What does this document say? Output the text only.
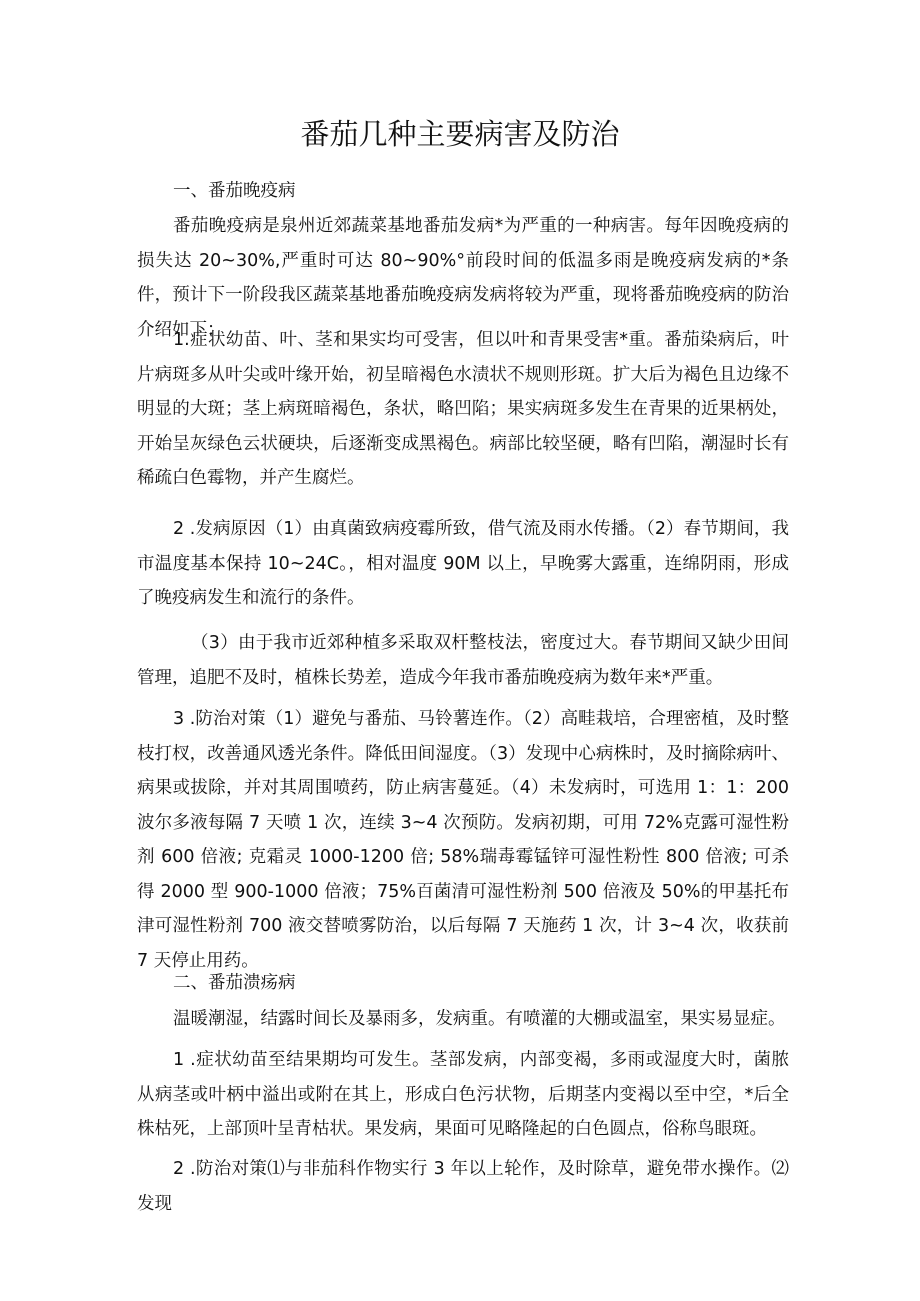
番茄几种主要病害及防治

一、番茄晚疫病

番茄晚疫病是泉州近郊蔬菜基地番茄发病*为严重的一种病害。每年因晚疫病的损失达 20~30%,严重时可达 80~90%°前段时间的低温多雨是晚疫病发病的*条件，预计下一阶段我区蔬菜基地番茄晚疫病发病将较为严重，现将番茄晚疫病的防治介绍如下：

1.症状幼苗、叶、茎和果实均可受害，但以叶和青果受害*重。番茄染病后，叶片病斑多从叶尖或叶缘开始，初呈暗褐色水渍状不规则形斑。扩大后为褐色且边缘不明显的大斑；茎上病斑暗褐色，条状，略凹陷；果实病斑多发生在青果的近果柄处，开始呈灰绿色云状硬块，后逐渐变成黑褐色。病部比较坚硬，略有凹陷，潮湿时长有稀疏白色霉物，并产生腐烂。

2 .发病原因（1）由真菌致病疫霉所致，借气流及雨水传播。（2）春节期间，我市温度基本保持 10~24C。，相对温度 90M 以上，早晚雾大露重，连绵阴雨，形成了晚疫病发生和流行的条件。

（3）由于我市近郊种植多采取双杆整枝法，密度过大。春节期间又缺少田间管理，追肥不及时，植株长势差，造成今年我市番茄晚疫病为数年来*严重。

3 .防治对策（1）避免与番茄、马铃薯连作。（2）高畦栽培，合理密植，及时整枝打杈，改善通风透光条件。降低田间湿度。（3）发现中心病株时，及时摘除病叶、病果或拔除，并对其周围喷药，防止病害蔓延。（4）未发病时，可选用 1：1：200 波尔多液每隔 7 天喷 1 次，连续 3~4 次预防。发病初期，可用 72%克露可湿性粉剂 600 倍液; 克霜灵 1000-1200 倍; 58%瑞毒霉锰锌可湿性粉性 800 倍液; 可杀得 2000 型 900-1000 倍液；75%百菌清可湿性粉剂 500 倍液及 50%的甲基托布津可湿性粉剂 700 液交替喷雾防治，以后每隔 7 天施药 1 次，计 3~4 次，收获前 7 天停止用药。

二、番茄溃疡病

温暖潮湿，结露时间长及暴雨多，发病重。有喷灌的大棚或温室，果实易显症。

1 .症状幼苗至结果期均可发生。茎部发病，内部变褐，多雨或湿度大时，菌脓从病茎或叶柄中溢出或附在其上，形成白色污状物，后期茎内变褐以至中空，*后全株枯死，上部顶叶呈青枯状。果发病，果面可见略隆起的白色圆点，俗称鸟眼斑。

2 .防治对策⑴与非茄科作物实行 3 年以上轮作，及时除草，避免带水操作。⑵发现
